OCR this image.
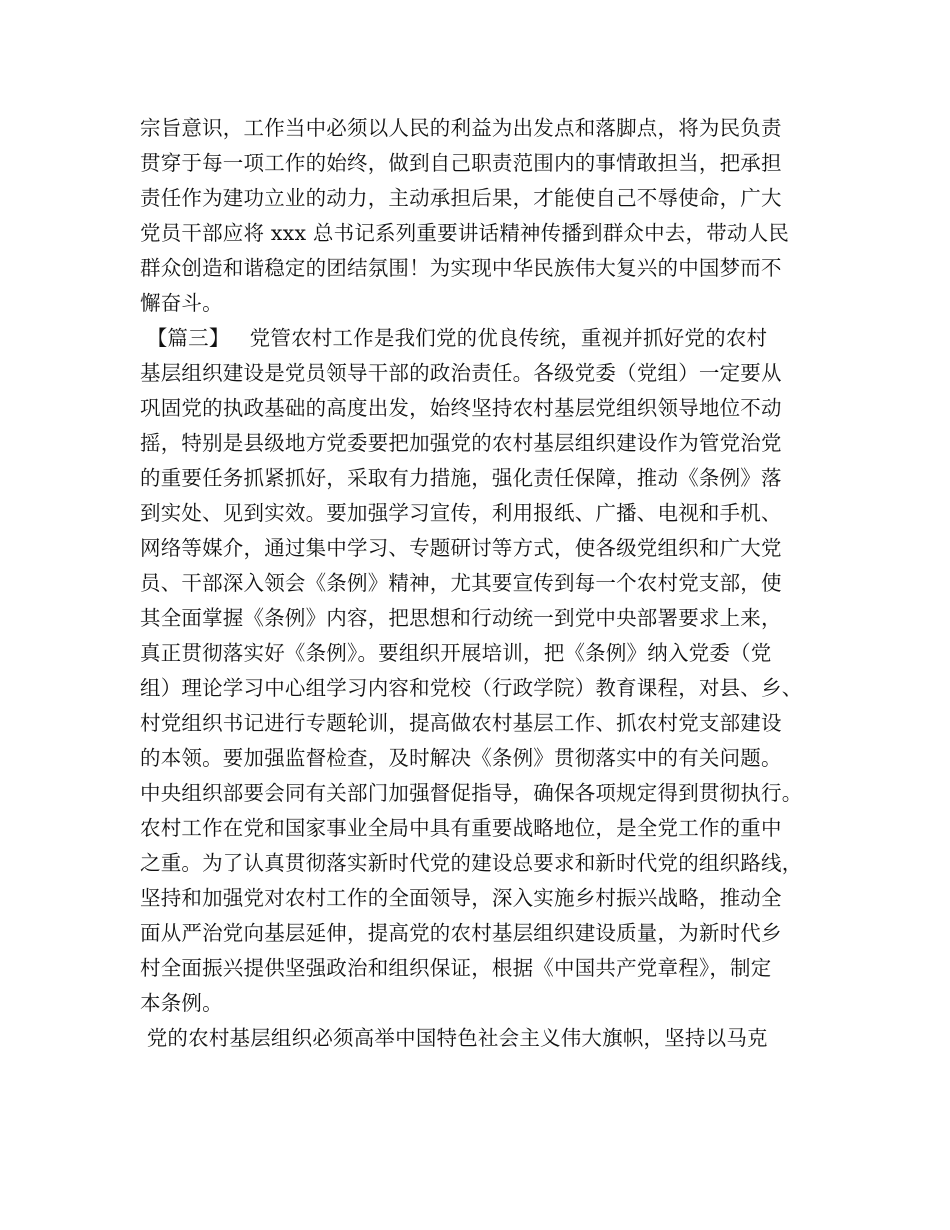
宗旨意识，工作当中必须以人民的利益为出发点和落脚点，将为民负责
贯穿于每一项工作的始终，做到自己职责范围内的事情敢担当，把承担
责任作为建功立业的动力，主动承担后果，才能使自己不辱使命，广大
党员干部应将 xxx 总书记系列重要讲话精神传播到群众中去，带动人民
群众创造和谐稳定的团结氛围！为实现中华民族伟大复兴的中国梦而不
懈奋斗。
【篇三】   党管农村工作是我们党的优良传统，重视并抓好党的农村
基层组织建设是党员领导干部的政治责任。各级党委（党组）一定要从
巩固党的执政基础的高度出发，始终坚持农村基层党组织领导地位不动
摇，特别是县级地方党委要把加强党的农村基层组织建设作为管党治党
的重要任务抓紧抓好，采取有力措施，强化责任保障，推动《条例》落
到实处、见到实效。要加强学习宣传，利用报纸、广播、电视和手机、
网络等媒介，通过集中学习、专题研讨等方式，使各级党组织和广大党
员、干部深入领会《条例》精神，尤其要宣传到每一个农村党支部，使
其全面掌握《条例》内容，把思想和行动统一到党中央部署要求上来，
真正贯彻落实好《条例》。要组织开展培训，把《条例》纳入党委（党
组）理论学习中心组学习内容和党校（行政学院）教育课程，对县、乡、
村党组织书记进行专题轮训，提高做农村基层工作、抓农村党支部建设
的本领。要加强监督检查，及时解决《条例》贯彻落实中的有关问题。
中央组织部要会同有关部门加强督促指导，确保各项规定得到贯彻执行。
农村工作在党和国家事业全局中具有重要战略地位，是全党工作的重中
之重。为了认真贯彻落实新时代党的建设总要求和新时代党的组织路线，
坚持和加强党对农村工作的全面领导，深入实施乡村振兴战略，推动全
面从严治党向基层延伸，提高党的农村基层组织建设质量，为新时代乡
村全面振兴提供坚强政治和组织保证，根据《中国共产党章程》，制定
本条例。
党的农村基层组织必须高举中国特色社会主义伟大旗帜，坚持以马克
